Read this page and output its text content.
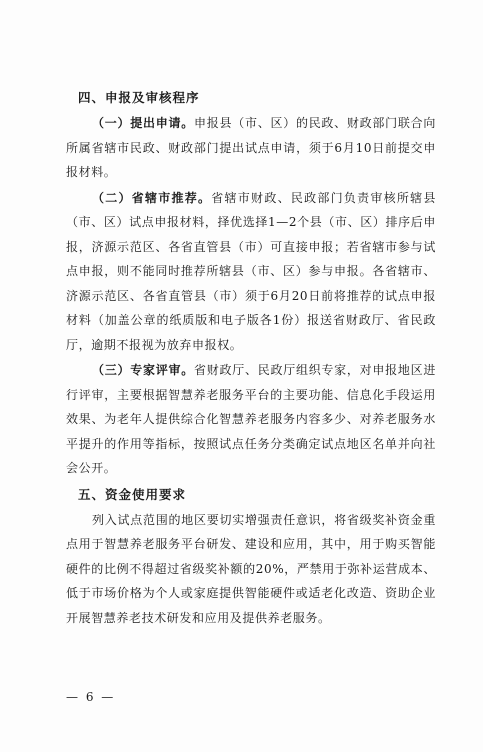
四、申报及审核程序

（一）提出申请。申报县（市、区）的民政、财政部门联合向所属省辖市民政、财政部门提出试点申请，须于6月10日前提交申报材料。

（二）省辖市推荐。省辖市财政、民政部门负责审核所辖县（市、区）试点申报材料，择优选择1—2个县（市、区）排序后申报，济源示范区、各省直管县（市）可直接申报；若省辖市参与试点申报，则不能同时推荐所辖县（市、区）参与申报。各省辖市、济源示范区、各省直管县（市）须于6月20日前将推荐的试点申报材料（加盖公章的纸质版和电子版各1份）报送省财政厅、省民政厅，逾期不报视为放弃申报权。

（三）专家评审。省财政厅、民政厅组织专家，对申报地区进行评审，主要根据智慧养老服务平台的主要功能、信息化手段运用效果、为老年人提供综合化智慧养老服务内容多少、对养老服务水平提升的作用等指标，按照试点任务分类确定试点地区名单并向社会公开。

五、资金使用要求

列入试点范围的地区要切实增强责任意识，将省级奖补资金重点用于智慧养老服务平台研发、建设和应用，其中，用于购买智能硬件的比例不得超过省级奖补额的20%，严禁用于弥补运营成本、低于市场价格为个人或家庭提供智能硬件或适老化改造、资助企业开展智慧养老技术研发和应用及提供养老服务。

— 6 —
